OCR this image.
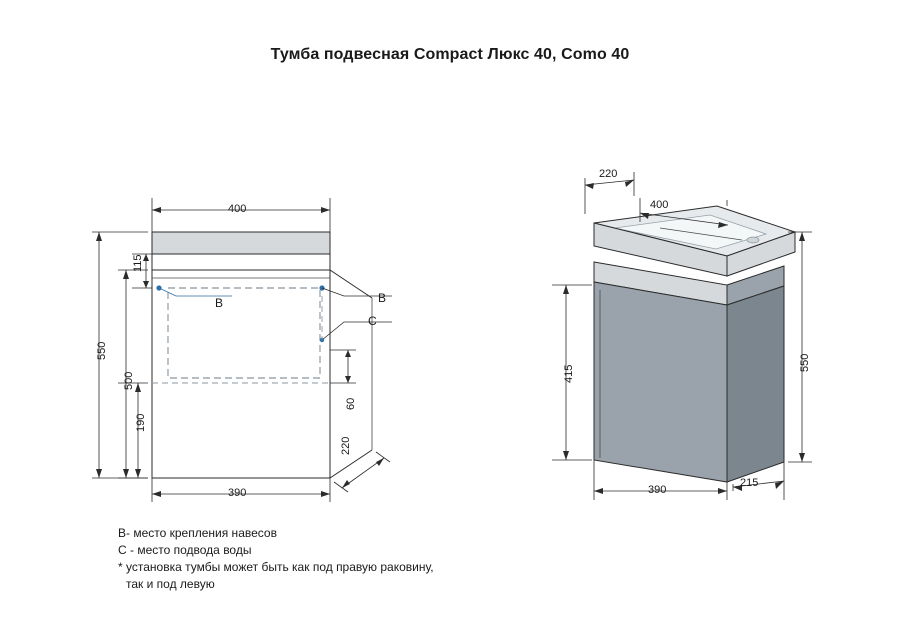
Тумба подвесная Compact Люкс 40, Como 40
400
390
550
500
115
190
60
220
B	B
C
220
400
550
415
390
215
В- место крепления навесов
С - место подвода воды
* установка тумбы может быть как под правую раковину,
так и под левую
